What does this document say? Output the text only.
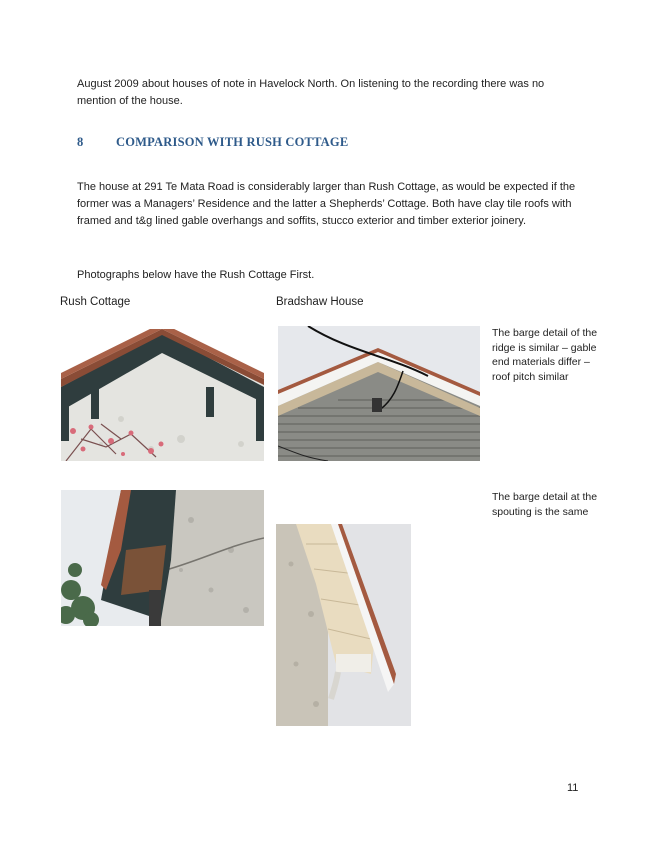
August 2009 about houses of note in Havelock North. On listening to the recording there was no
mention of the house.
8	COMPARISON WITH RUSH COTTAGE
The house at 291 Te Mata Road is considerably larger than Rush Cottage, as would be expected if the
former was a Managers’ Residence and the latter a Shepherds’ Cottage. Both have clay tile roofs with
framed and t&g lined gable overhangs and soffits, stucco exterior and timber exterior joinery.
Photographs below have the Rush Cottage First.
Rush Cottage	Bradshaw House
The barge detail of the
ridge is similar – gable
end materials differ –
roof pitch similar
The barge detail at the
spouting is the same
11
